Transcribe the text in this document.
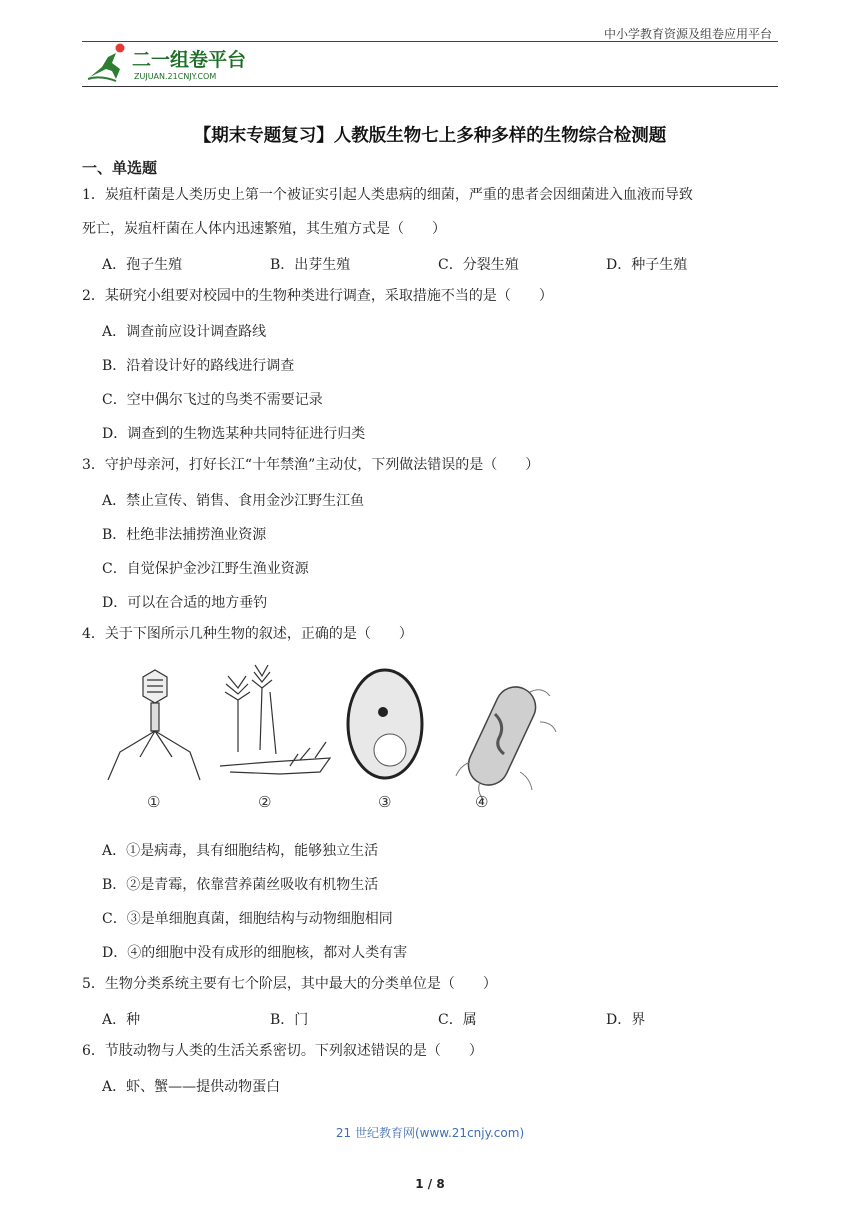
中小学教育资源及组卷应用平台
二一组卷平台
ZUJUAN.21CNJY.COM
【期末专题复习】人教版生物七上多种多样的生物综合检测题
一、单选题
1．炭疽杆菌是人类历史上第一个被证实引起人类患病的细菌，严重的患者会因细菌进入血液而导致
死亡，炭疽杆菌在人体内迅速繁殖，其生殖方式是（　　）
A．孢子生殖	B．出芽生殖	C．分裂生殖	D．种子生殖
2．某研究小组要对校园中的生物种类进行调查，采取措施不当的是（　　）
A．调查前应设计调查路线
B．沿着设计好的路线进行调查
C．空中偶尔飞过的鸟类不需要记录
D．调查到的生物选某种共同特征进行归类
3．守护母亲河，打好长江“十年禁渔”主动仗，下列做法错误的是（　　）
A．禁止宣传、销售、食用金沙江野生江鱼
B．杜绝非法捕捞渔业资源
C．自觉保护金沙江野生渔业资源
D．可以在合适的地方垂钓
4．关于下图所示几种生物的叙述，正确的是（　　）
①	②	③	④
A．①是病毒，具有细胞结构，能够独立生活
B．②是青霉，依靠营养菌丝吸收有机物生活
C．③是单细胞真菌，细胞结构与动物细胞相同
D．④的细胞中没有成形的细胞核，都对人类有害
5．生物分类系统主要有七个阶层，其中最大的分类单位是（　　）
A．种	B．门	C．属	D．界
6．节肢动物与人类的生活关系密切。下列叙述错误的是（　　）
A．虾、蟹——提供动物蛋白
21 世纪教育网(www.21cnjy.com)
1 / 8
